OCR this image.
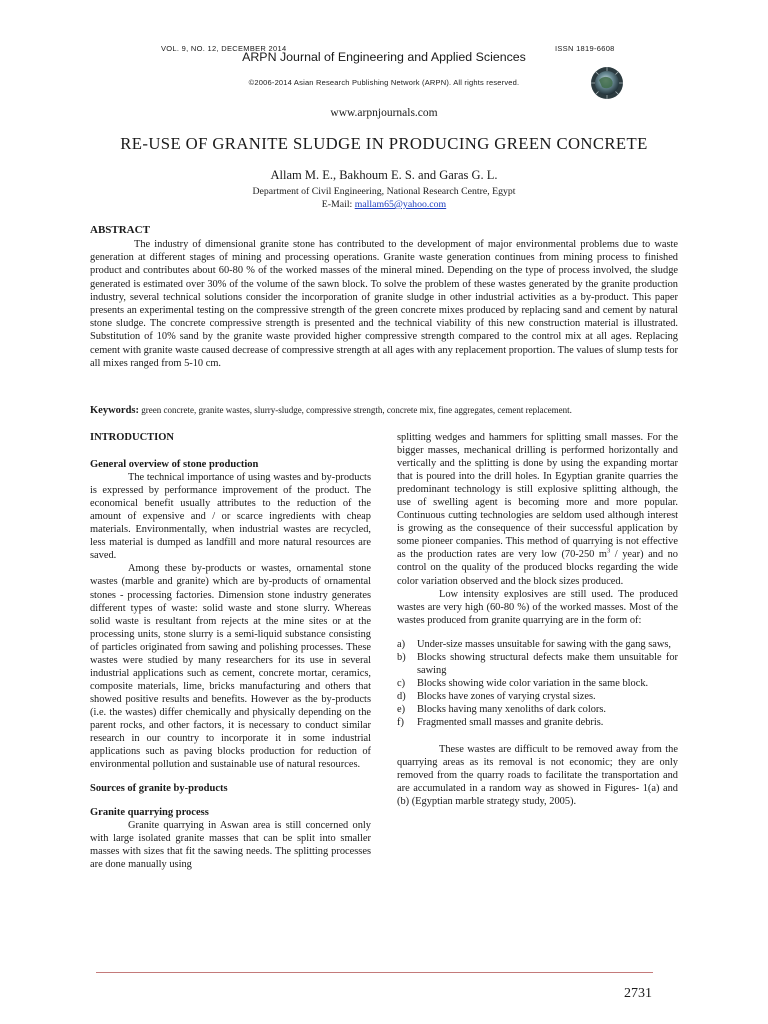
VOL. 9, NO. 12, DECEMBER 2014	ISSN 1819-6608
ARPN Journal of Engineering and Applied Sciences
©2006-2014 Asian Research Publishing Network (ARPN). All rights reserved.
www.arpnjournals.com
RE-USE OF GRANITE SLUDGE IN PRODUCING GREEN CONCRETE
Allam M. E., Bakhoum E. S. and Garas G. L.
Department of Civil Engineering, National Research Centre, Egypt
E-Mail: mallam65@yahoo.com
ABSTRACT

The industry of dimensional granite stone has contributed to the development of major environmental problems due to waste generation at different stages of mining and processing operations. Granite waste generation continues from mining process to finished product and contributes about 60-80 % of the worked masses of the mineral mined. Depending on the type of process involved, the sludge generated is estimated over 30% of the volume of the sawn block. To solve the problem of these wastes generated by the granite production industry, several technical solutions consider the incorporation of granite sludge in other industrial activities as a by-product. This paper presents an experimental testing on the compressive strength of the green concrete mixes produced by replacing sand and cement by natural stone sludge. The concrete compressive strength is presented and the technical viability of this new construction material is illustrated. Substitution of 10% sand by the granite waste provided higher compressive strength compared to the control mix at all ages. Replacing cement with granite waste caused decrease of compressive strength at all ages with any replacement proportion. The values of slump tests for all mixes ranged from 5-10 cm.

Keywords: green concrete, granite wastes, slurry-sludge, compressive strength, concrete mix, fine aggregates, cement replacement.
INTRODUCTION
General overview of stone production

The technical importance of using wastes and by-products is expressed by performance improvement of the product. The economical benefit usually attributes to the reduction of the amount of expensive and / or scarce ingredients with cheap materials. Environmentally, when industrial wastes are recycled, less material is dumped as landfill and more natural resources are saved.

Among these by-products or wastes, ornamental stone wastes (marble and granite) which are by-products of ornamental stones - processing factories. Dimension stone industry generates different types of waste: solid waste and stone slurry. Whereas solid waste is resultant from rejects at the mine sites or at the processing units, stone slurry is a semi-liquid substance consisting of particles originated from sawing and polishing processes. These wastes were studied by many researchers for its use in several industrial applications such as cement, concrete mortar, ceramics, composite materials, lime, bricks manufacturing and others that showed positive results and benefits. However as the by-products (i.e. the wastes) differ chemically and physically depending on the parent rocks, and other factors, it is necessary to conduct similar research in our country to incorporate it in some industrial applications such as paving blocks production for reduction of environmental pollution and sustainable use of natural resources.

Sources of granite by-products
Granite quarrying process

Granite quarrying in Aswan area is still concerned only with large isolated granite masses that can be split into smaller masses with sizes that fit the sawing needs. The splitting processes are done manually using

splitting wedges and hammers for splitting small masses. For the bigger masses, mechanical drilling is performed horizontally and vertically and the splitting is done by using the expanding mortar that is poured into the drill holes. In Egyptian granite quarries the predominant technology is still explosive splitting although, the use of swelling agent is becoming more and more popular. Continuous cutting technologies are seldom used although interest is growing as the consequence of their successful application by some pioneer companies. This method of quarrying is not effective as the production rates are very low (70-250 $m^3$ / year) and no control on the quality of the produced blocks regarding the wide color variation observed and the block sizes produced.

Low intensity explosives are still used. The produced wastes are very high (60-80 %) of the worked masses. Most of the wastes produced from granite quarrying are in the form of:

a) Under-size masses unsuitable for sawing with the gang saws,
b) Blocks showing structural defects make them unsuitable for sawing
c) Blocks showing wide color variation in the same block.
d) Blocks have zones of varying crystal sizes.
e) Blocks having many xenoliths of dark colors.
f) Fragmented small masses and granite debris.

These wastes are difficult to be removed away from the quarrying areas as its removal is not economic; they are only removed from the quarry roads to facilitate the transportation and are accumulated in a random way as showed in Figures- 1(a) and (b) (Egyptian marble strategy study, 2005).

2731
